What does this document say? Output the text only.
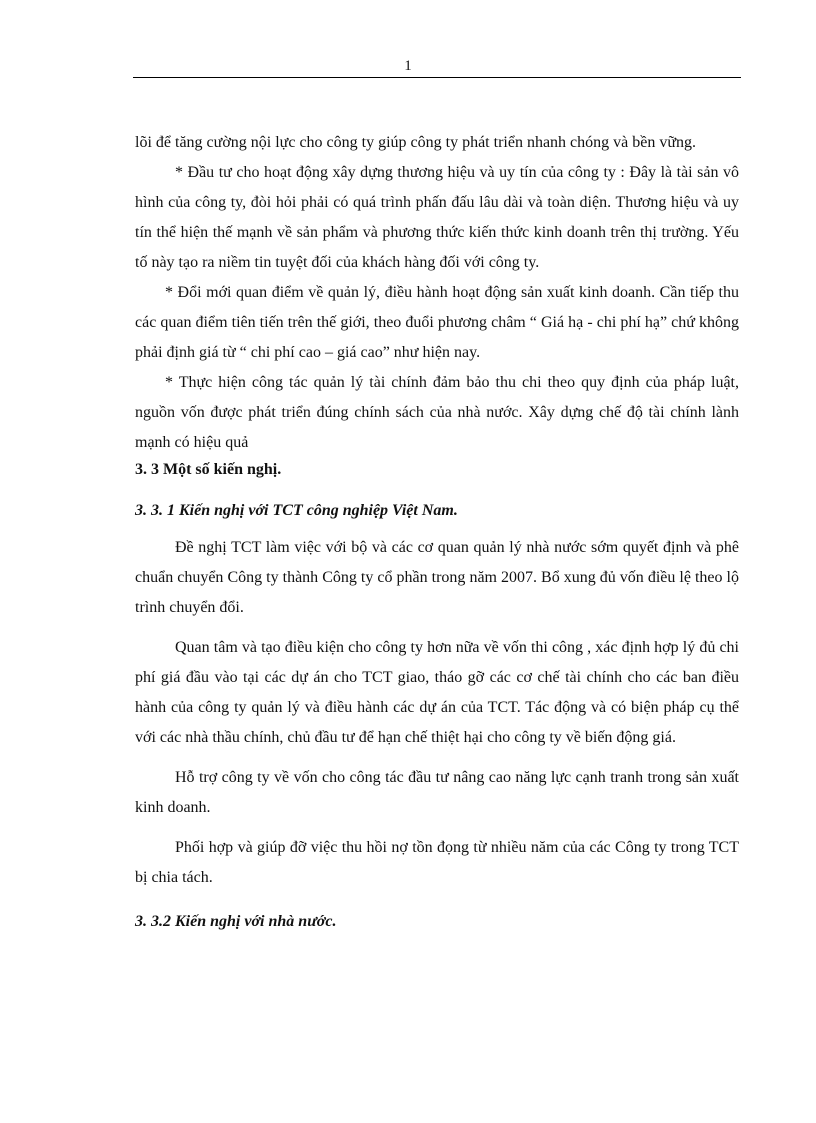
1

lõi để tăng cường nội lực cho công ty giúp công ty phát triển nhanh chóng và bền vững.

* Đầu tư cho hoạt động xây dựng thương hiệu và uy tín của công ty : Đây là tài sản vô hình của công ty, đòi hỏi phải có quá trình phấn đấu lâu dài và toàn diện. Thương hiệu và uy tín thể hiện thế mạnh về sản phẩm và phương thức kiến thức kinh doanh trên thị trường. Yếu tố này tạo ra niềm tin tuyệt đối của khách hàng đối với công ty.

* Đổi mới quan điểm về quản lý, điều hành hoạt động sản xuất kinh doanh. Cần tiếp thu các quan điểm tiên tiến trên thế giới, theo đuổi phương châm “ Giá hạ - chi phí hạ” chứ không phải định giá từ “ chi phí cao – giá cao” như hiện nay.

* Thực hiện công tác quản lý tài chính đảm bảo thu chi theo quy định của pháp luật, nguồn vốn được phát triển đúng chính sách của nhà nước. Xây dựng chế độ tài chính lành mạnh có hiệu quả

3. 3 Một số kiến nghị.
3. 3. 1 Kiến nghị với TCT công nghiệp Việt Nam.

Đề nghị TCT làm việc với bộ và các cơ quan quản lý nhà nước sớm quyết định và phê chuẩn chuyển Công ty thành Công ty cổ phần trong năm 2007. Bổ xung đủ vốn điều lệ theo lộ trình chuyển đổi.

Quan tâm và tạo điều kiện cho công ty hơn nữa về vốn thi công , xác định hợp lý đủ chi phí giá đầu vào tại các dự án cho TCT giao, tháo gỡ các cơ chế tài chính cho các ban điều hành của công ty quản lý và điều hành các dự án của TCT. Tác động và có biện pháp cụ thể với các nhà thầu chính, chủ đầu tư để hạn chế thiệt hại cho công ty về biến động giá.

Hỗ trợ công ty về vốn cho công tác đầu tư nâng cao năng lực cạnh tranh trong sản xuất kinh doanh.

Phối hợp và giúp đỡ việc thu hồi nợ tồn đọng từ nhiều năm của các Công ty trong TCT bị chia tách.

3. 3.2 Kiến nghị với nhà nước.
